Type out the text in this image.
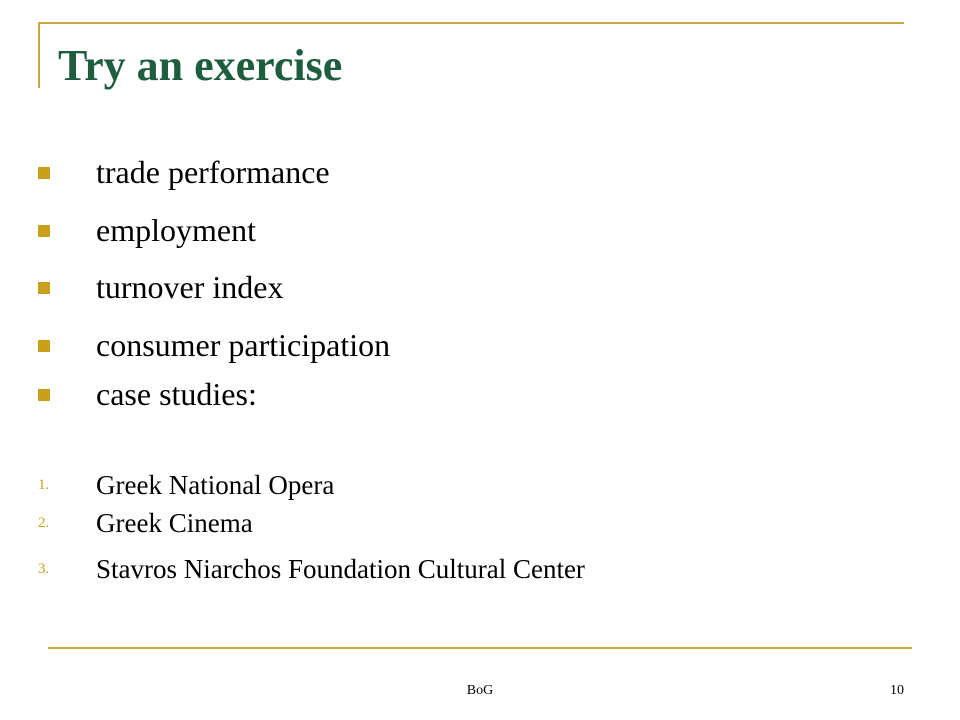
Try an exercise
trade performance
employment
turnover index
consumer participation
case studies:
1.	Greek National Opera
2.	Greek Cinema
3.	Stavros Niarchos Foundation Cultural Center
BoG	10
